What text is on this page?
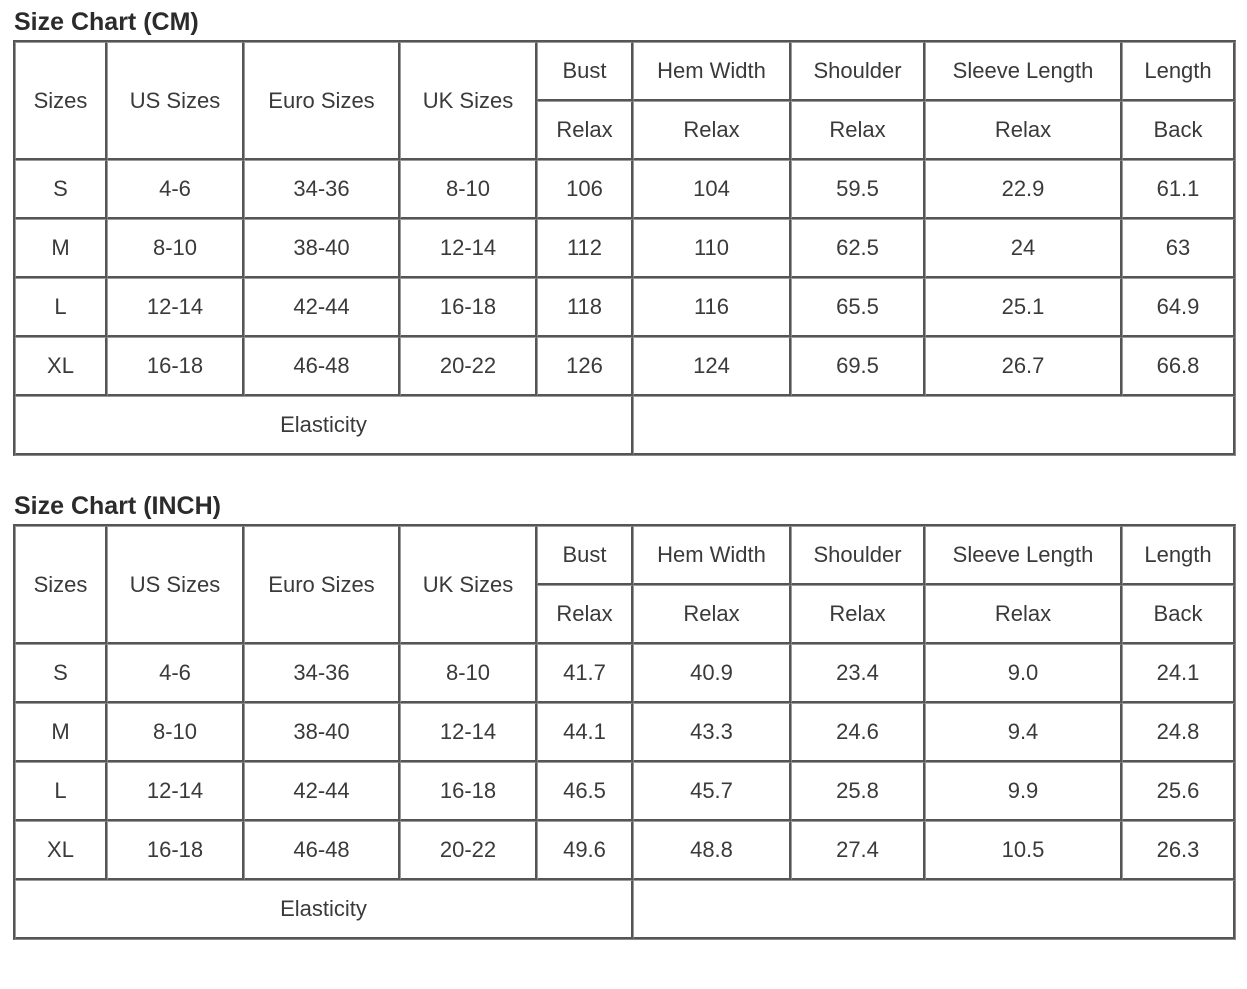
Size Chart (CM)
Sizes	US Sizes	Euro Sizes	UK Sizes	Bust	Hem Width	Shoulder	Sleeve Length	Length
				Relax	Relax	Relax	Relax	Back
S	4-6	34-36	8-10	106	104	59.5	22.9	61.1
M	8-10	38-40	12-14	112	110	62.5	24	63
L	12-14	42-44	16-18	118	116	65.5	25.1	64.9
XL	16-18	46-48	20-22	126	124	69.5	26.7	66.8
Elasticity								
Size Chart (INCH)
Sizes	US Sizes	Euro Sizes	UK Sizes	Bust	Hem Width	Shoulder	Sleeve Length	Length
				Relax	Relax	Relax	Relax	Back
S	4-6	34-36	8-10	41.7	40.9	23.4	9.0	24.1
M	8-10	38-40	12-14	44.1	43.3	24.6	9.4	24.8
L	12-14	42-44	16-18	46.5	45.7	25.8	9.9	25.6
XL	16-18	46-48	20-22	49.6	48.8	27.4	10.5	26.3
Elasticity								
